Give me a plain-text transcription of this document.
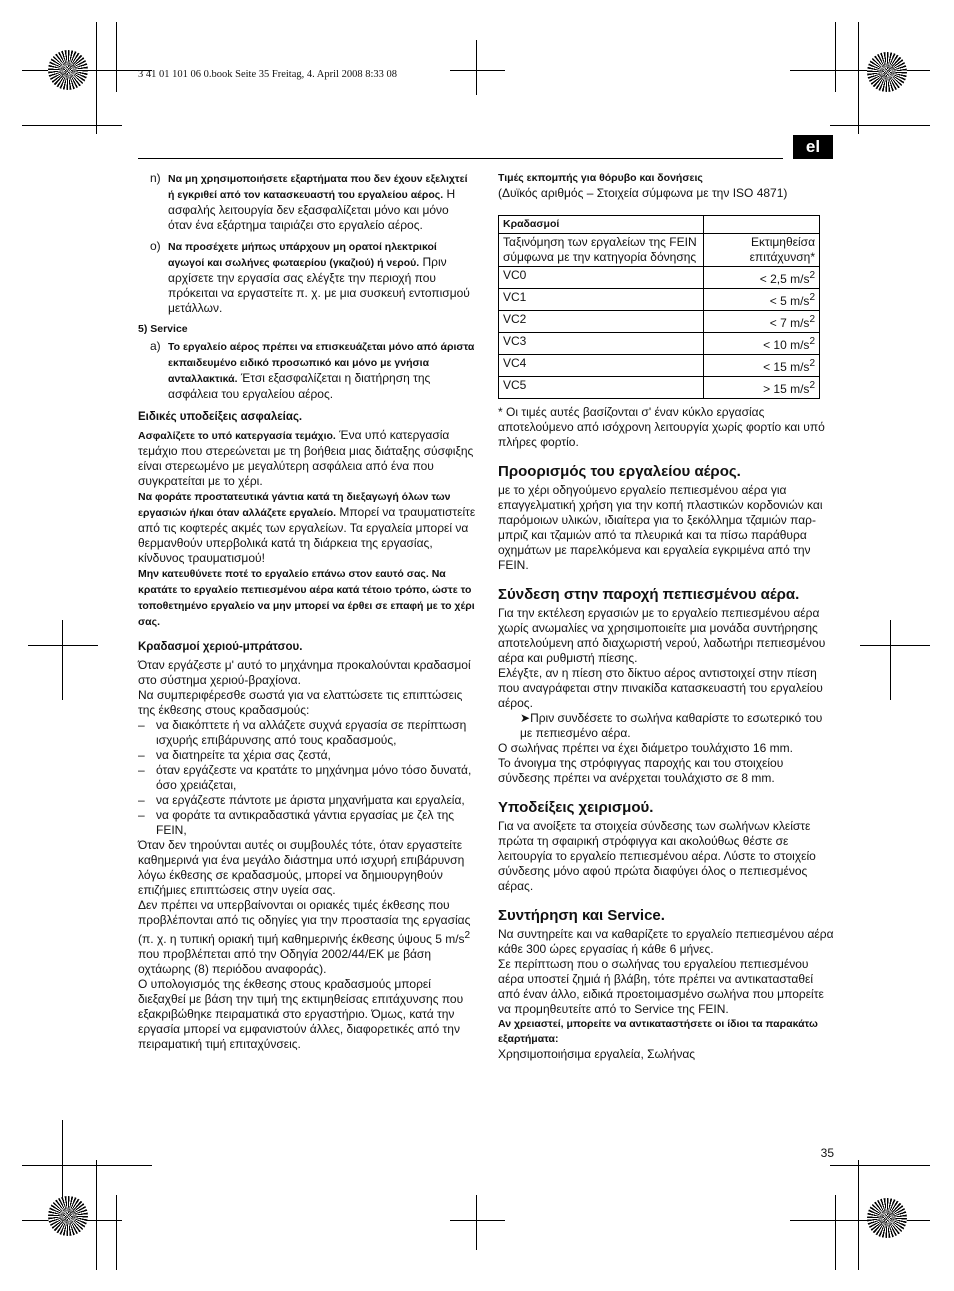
3 41 01 101 06 0.book Seite 35 Freitag, 4. April 2008 8:33 08
el

n) Να μη χρησιμοποιήσετε εξαρτήματα που δεν έχουν εξελιχτεί ή εγκριθεί από τον κατασκευαστή του εργαλείου αέρος. Η ασφαλής λειτουργία δεν εξασφαλίζεται μόνο και μόνο όταν ένα εξάρτημα ταιριάζει στο εργαλείο αέρος.

o) Να προσέχετε μήπως υπάρχουν μη ορατοί ηλεκτρικοί αγωγοί και σωλήνες φωταερίου (γκαζιού) ή νερού. Πριν αρχίσετε την εργασία σας ελέγξτε την περιοχή που πρόκειται να εργαστείτε π. χ. με μια συσκευή εντοπισμού μετάλλων.

5) Service

a) Το εργαλείο αέρος πρέπει να επισκευάζεται μόνο από άριστα εκπαιδευμένο ειδικό προσωπικό και μόνο με γνήσια ανταλλακτικά. Έτσι εξασφαλίζεται η διατήρηση της ασφάλεια του εργαλείου αέρος.

Ειδικές υποδείξεις ασφαλείας.

Ασφαλίζετε το υπό κατεργασία τεμάχιο. Ένα υπό κατεργασία τεμάχιο που στερεώνεται με τη βοήθεια μιας διάταξης σύσφιξης είναι στερεωμένο με μεγαλύτερη ασφάλεια από ένα που συγκρατείται με το χέρι.

Να φοράτε προστατευτικά γάντια κατά τη διεξαγωγή όλων των εργασιών ή/και όταν αλλάζετε εργαλείο. Μπορεί να τραυματιστείτε από τις κοφτερές ακμές των εργαλείων. Τα εργαλεία μπορεί να θερμανθούν υπερβολικά κατά τη διάρκεια της εργασίας, κίνδυνος τραυματισμού!

Μην κατευθύνετε ποτέ το εργαλείο επάνω στον εαυτό σας. Να κρατάτε το εργαλείο πεπιεσμένου αέρα κατά τέτοιο τρόπο, ώστε το τοποθετημένο εργαλείο να μην μπορεί να έρθει σε επαφή με το χέρι σας.

Κραδασμοί χεριού-μπράτσου.

Όταν εργάζεστε μ' αυτό το μηχάνημα προκαλούνται κραδασμοί στο σύστημα χεριού-βραχίονα.

Να συμπεριφέρεσθε σωστά για να ελαττώσετε τις επιπτώσεις της έκθεσης στους κραδασμούς:

– να διακόπτετε ή να αλλάζετε συχνά εργασία σε περίπτωση ισχυρής επιβάρυνσης από τους κραδασμούς,
– να διατηρείτε τα χέρια σας ζεστά,
– όταν εργάζεστε να κρατάτε το μηχάνημα μόνο τόσο δυνατά, όσο χρειάζεται,
– να εργάζεστε πάντοτε με άριστα μηχανήματα και εργαλεία,
– να φοράτε τα αντικραδαστικά γάντια εργασίας με ζελ της FEIN,

Όταν δεν τηρούνται αυτές οι συμβουλές τότε, όταν εργαστείτε καθημερινά για ένα μεγάλο διάστημα υπό ισχυρή επιβάρυνση λόγω έκθεσης σε κραδασμούς, μπορεί να δημιουργηθούν επιζήμιες επιπτώσεις στην υγεία σας.

Δεν πρέπει να υπερβαίνονται οι οριακές τιμές έκθεσης που προβλέπονται από τις οδηγίες για την προστασία της εργασίας (π. χ. η τυπική οριακή τιμή καθημερινής έκθεσης ύψους 5 $m/s^2$ που προβλέπεται από την Οδηγία 2002/44/ΕΚ με βάση οχτάωρης (8) περιόδου αναφοράς).

Ο υπολογισμός της έκθεσης στους κραδασμούς μπορεί διεξαχθεί με βάση την τιμή της εκτιμηθείσας επιτάχυνσης που εξακριβώθηκε πειραματικά στο εργαστήριο. Όμως, κατά την εργασία μπορεί να εμφανιστούν άλλες, διαφορετικές από την πειραματική τιμή επιταχύνσεις.

Τιμές εκπομπής για θόρυβο και δονήσεις

(Δυϊκός αριθμός – Στοιχεία σύμφωνα με την ISO 4871)

Κραδασμοί	
Ταξινόμηση των εργαλείων της FEIN σύμφωνα με την κατηγορία δόνησης	Εκτιμηθείσα επιτάχυνση*
VC0	< 2,5 $m/s^2$
VC1	< 5 $m/s^2$
VC2	< 7 $m/s^2$
VC3	< 10 $m/s^2$
VC4	< 15 $m/s^2$
VC5	> 15 $m/s^2$

* Οι τιμές αυτές βασίζονται σ' έναν κύκλο εργασίας αποτελούμενο από ισόχρονη λειτουργία χωρίς φορτίο και υπό πλήρες φορτίο.

Προορισμός του εργαλείου αέρος.

με το χέρι οδηγούμενο εργαλείο πεπιεσμένου αέρα για επαγγελματική χρήση για την κοπή πλαστικών κορδονιών και παρόμοιων υλικών, ιδιαίτερα για το ξεκόλλημα τζαμιών παρ-μπριζ και τζαμιών από τα πλευρικά και τα πίσω παράθυρα οχημάτων με παρελκόμενα και εργαλεία εγκριμένα από την FEIN.

Σύνδεση στην παροχή πεπιεσμένου αέρα.

Για την εκτέλεση εργασιών με το εργαλείο πεπιεσμένου αέρα χωρίς ανωμαλίες να χρησιμοποιείτε μια μονάδα συντήρησης αποτελούμενη από διαχωριστή νερού, λαδωτήρι πεπιεσμένου αέρα και ρυθμιστή πίεσης.

Ελέγξτε, αν η πίεση στο δίκτυο αέρος αντιστοιχεί στην πίεση που αναγράφεται στην πινακίδα κατασκευαστή του εργαλείου αέρος.

➤Πριν συνδέσετε το σωλήνα καθαρίστε το εσωτερικό του με πεπιεσμένο αέρα.

Ο σωλήνας πρέπει να έχει διάμετρο τουλάχιστο 16 mm.

Το άνοιγμα της στρόφιγγας παροχής και του στοιχείου σύνδεσης πρέπει να ανέρχεται τουλάχιστο σε 8 mm.

Υποδείξεις χειρισμού.

Για να ανοίξετε τα στοιχεία σύνδεσης των σωλήνων κλείστε πρώτα τη σφαιρική στρόφιγγα και ακολούθως θέστε σε λειτουργία το εργαλείο πεπιεσμένου αέρα. Λύστε το στοιχείο σύνδεσης μόνο αφού πρώτα διαφύγει όλος ο πεπιεσμένος αέρας.

Συντήρηση και Service.

Να συντηρείτε και να καθαρίζετε το εργαλείο πεπιεσμένου αέρα κάθε 300 ώρες εργασίας ή κάθε 6 μήνες.

Σε περίπτωση που ο σωλήνας του εργαλείου πεπιεσμένου αέρα υποστεί ζημιά ή βλάβη, τότε πρέπει να αντικατασταθεί από έναν άλλο, ειδικά προετοιμασμένο σωλήνα που μπορείτε να προμηθευτείτε από το Service της FEIN.

Αν χρειαστεί, μπορείτε να αντικαταστήσετε οι ίδιοι τα παρακάτω εξαρτήματα:

Χρησιμοποιήσιμα εργαλεία, Σωλήνας

35
